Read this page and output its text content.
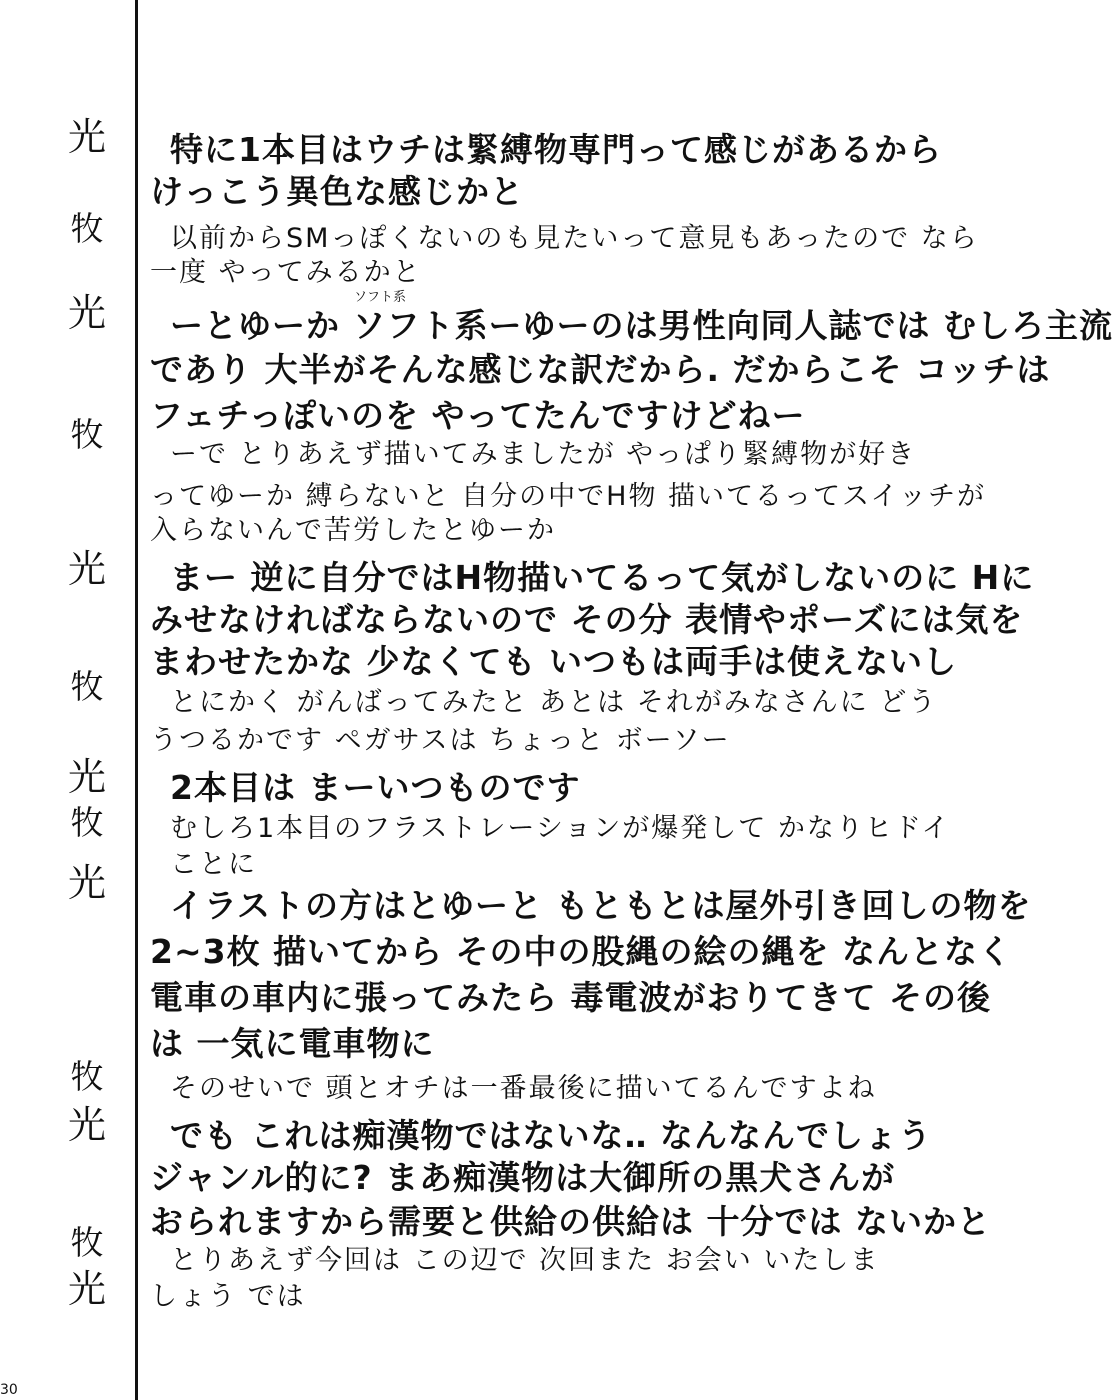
光
牧
光
牧
光
牧
光
牧
光
牧
光
牧
光
特に1本目はウチは緊縛物専門って感じがあるから
けっこう異色な感じかと
以前からSMっぽくないのも見たいって意見もあったので なら
一度 やってみるかと
ソフト系
ーとゆーか ソフト系ーゆーのは男性向同人誌では むしろ主流
であり 大半がそんな感じな訳だから. だからこそ コッチは
フェチっぽいのを やってたんですけどねー
ーで とりあえず描いてみましたが やっぱり緊縛物が好き
ってゆーか 縛らないと 自分の中でH物 描いてるってスイッチが
入らないんで苦労したとゆーか
まー 逆に自分ではH物描いてるって気がしないのに Hに
みせなければならないので その分 表情やポーズには気を
まわせたかな 少なくても いつもは両手は使えないし
とにかく がんばってみたと あとは それがみなさんに どう
うつるかです ペガサスは ちょっと ボーソー
2本目は まーいつものです
むしろ1本目のフラストレーションが爆発して かなりヒドイ
ことに
イラストの方はとゆーと もともとは屋外引き回しの物を
2~3枚 描いてから その中の股縄の絵の縄を なんとなく
電車の車内に張ってみたら 毒電波がおりてきて その後
は 一気に電車物に
そのせいで 頭とオチは一番最後に描いてるんですよね
でも これは痴漢物ではないな‥ なんなんでしょう
ジャンル的に? まあ痴漢物は大御所の黒犬さんが
おられますから需要と供給の供給は 十分では ないかと
とりあえず今回は この辺で 次回また お会い いたしま
しょう では
30
